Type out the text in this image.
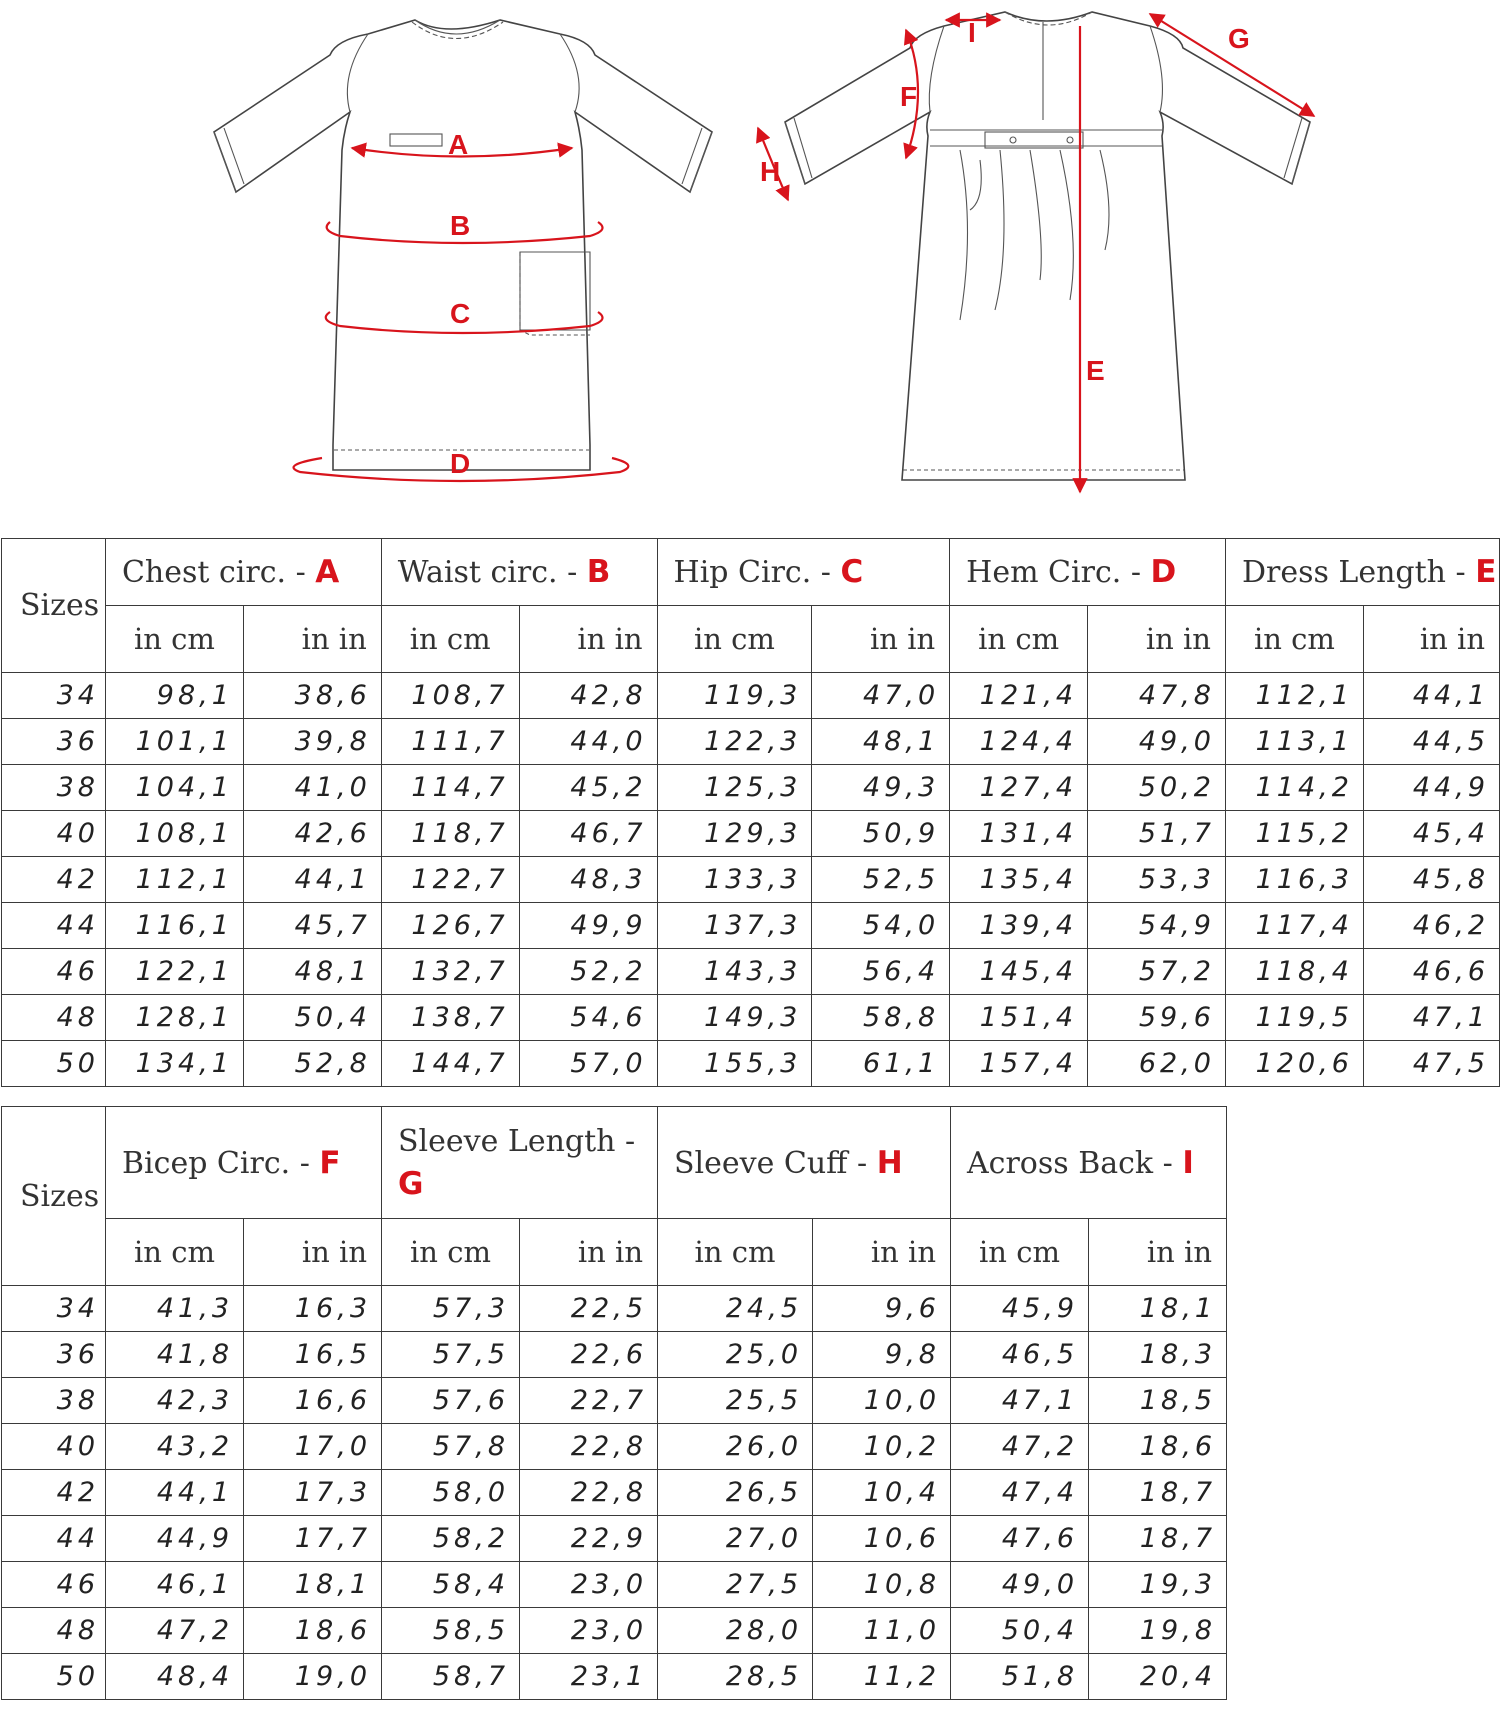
A
B
C
D
E
F
G
H
I
Sizes	Chest circ. - A		Waist circ. - B		Hip Circ. - C		Hem Circ. - D		Dress Length - E	
	in cm	in in	in cm	in in	in cm	in in	in cm	in in	in cm	in in
34	98,1	38,6	108,7	42,8	119,3	47,0	121,4	47,8	112,1	44,1
36	101,1	39,8	111,7	44,0	122,3	48,1	124,4	49,0	113,1	44,5
38	104,1	41,0	114,7	45,2	125,3	49,3	127,4	50,2	114,2	44,9
40	108,1	42,6	118,7	46,7	129,3	50,9	131,4	51,7	115,2	45,4
42	112,1	44,1	122,7	48,3	133,3	52,5	135,4	53,3	116,3	45,8
44	116,1	45,7	126,7	49,9	137,3	54,0	139,4	54,9	117,4	46,2
46	122,1	48,1	132,7	52,2	143,3	56,4	145,4	57,2	118,4	46,6
48	128,1	50,4	138,7	54,6	149,3	58,8	151,4	59,6	119,5	47,1
50	134,1	52,8	144,7	57,0	155,3	61,1	157,4	62,0	120,6	47,5
Sizes	Bicep Circ. - F		Sleeve Length - G		Sleeve Cuff - H		Across Back - I	
	in cm	in in	in cm	in in	in cm	in in	in cm	in in
34	41,3	16,3	57,3	22,5	24,5	9,6	45,9	18,1
36	41,8	16,5	57,5	22,6	25,0	9,8	46,5	18,3
38	42,3	16,6	57,6	22,7	25,5	10,0	47,1	18,5
40	43,2	17,0	57,8	22,8	26,0	10,2	47,2	18,6
42	44,1	17,3	58,0	22,8	26,5	10,4	47,4	18,7
44	44,9	17,7	58,2	22,9	27,0	10,6	47,6	18,7
46	46,1	18,1	58,4	23,0	27,5	10,8	49,0	19,3
48	47,2	18,6	58,5	23,0	28,0	11,0	50,4	19,8
50	48,4	19,0	58,7	23,1	28,5	11,2	51,8	20,4
